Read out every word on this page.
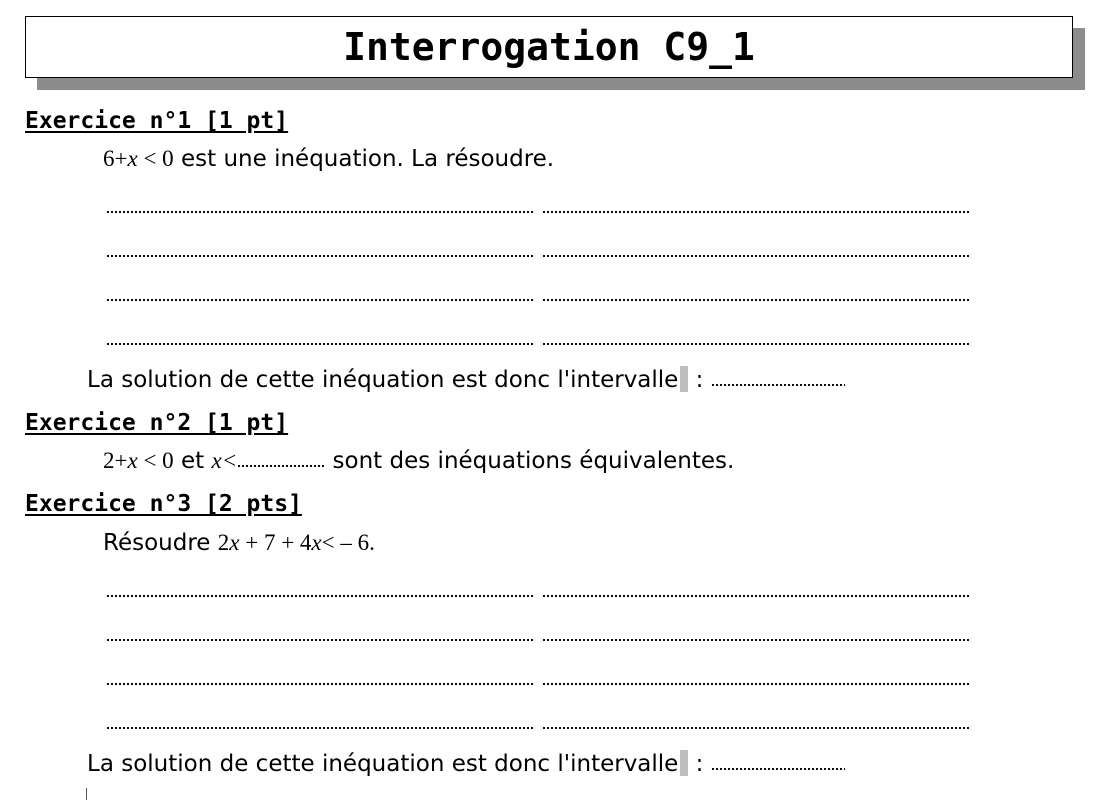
Interrogation C9_1
Exercice n°1 [1 pt]
6+x < 0 est une inéquation. La résoudre.
La solution de cette inéquation est donc l'intervalle :
Exercice n°2 [1 pt]
2+x < 0 et x<	sont des inéquations équivalentes.
Exercice n°3 [2 pts]
Résoudre 2x + 7 + 4x< – 6.
La solution de cette inéquation est donc l'intervalle :
